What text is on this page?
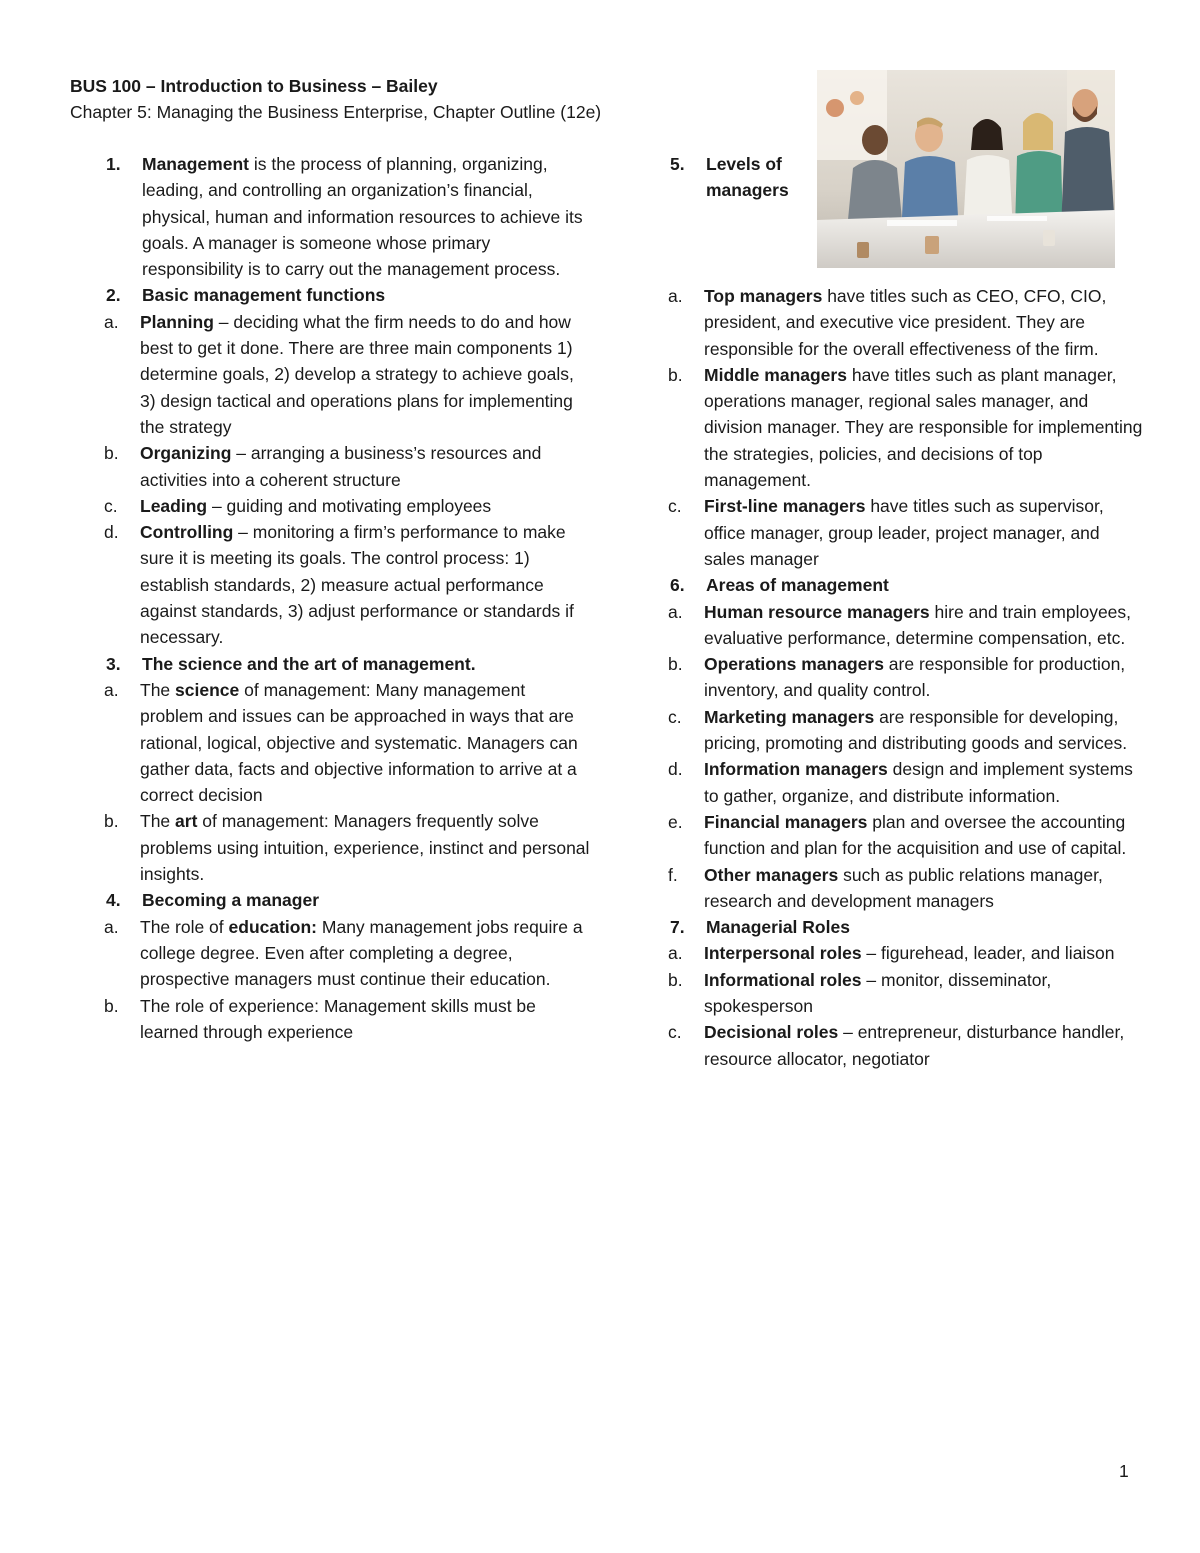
BUS 100 – Introduction to Business – Bailey
Chapter 5: Managing the Business Enterprise, Chapter Outline (12e)
1. Management is the process of planning, organizing, leading, and controlling an organization’s financial, physical, human and information resources to achieve its goals. A manager is someone whose primary responsibility is to carry out the management process.
2. Basic management functions
a. Planning – deciding what the firm needs to do and how best to get it done. There are three main components 1) determine goals, 2) develop a strategy to achieve goals, 3) design tactical and operations plans for implementing the strategy
b. Organizing – arranging a business’s resources and activities into a coherent structure
c. Leading – guiding and motivating employees
d. Controlling – monitoring a firm’s performance to make sure it is meeting its goals. The control process: 1) establish standards, 2) measure actual performance against standards, 3) adjust performance or standards if necessary.
3. The science and the art of management.
a. The science of management: Many management problem and issues can be approached in ways that are rational, logical, objective and systematic. Managers can gather data, facts and objective information to arrive at a correct decision
b. The art of management: Managers frequently solve problems using intuition, experience, instinct and personal insights.
4. Becoming a manager
a. The role of education: Many management jobs require a college degree. Even after completing a degree, prospective managers must continue their education.
b. The role of experience: Management skills must be learned through experience
5. Levels of managers
a. Top managers have titles such as CEO, CFO, CIO, president, and executive vice president. They are responsible for the overall effectiveness of the firm.
b. Middle managers have titles such as plant manager, operations manager, regional sales manager, and division manager. They are responsible for implementing the strategies, policies, and decisions of top management.
c. First-line managers have titles such as supervisor, office manager, group leader, project manager, and sales manager
6. Areas of management
a. Human resource managers hire and train employees, evaluative performance, determine compensation, etc.
b. Operations managers are responsible for production, inventory, and quality control.
c. Marketing managers are responsible for developing, pricing, promoting and distributing goods and services.
d. Information managers design and implement systems to gather, organize, and distribute information.
e. Financial managers plan and oversee the accounting function and plan for the acquisition and use of capital.
f. Other managers such as public relations manager, research and development managers
7. Managerial Roles
a. Interpersonal roles – figurehead, leader, and liaison
b. Informational roles – monitor, disseminator, spokesperson
c. Decisional roles – entrepreneur, disturbance handler, resource allocator, negotiator
1
